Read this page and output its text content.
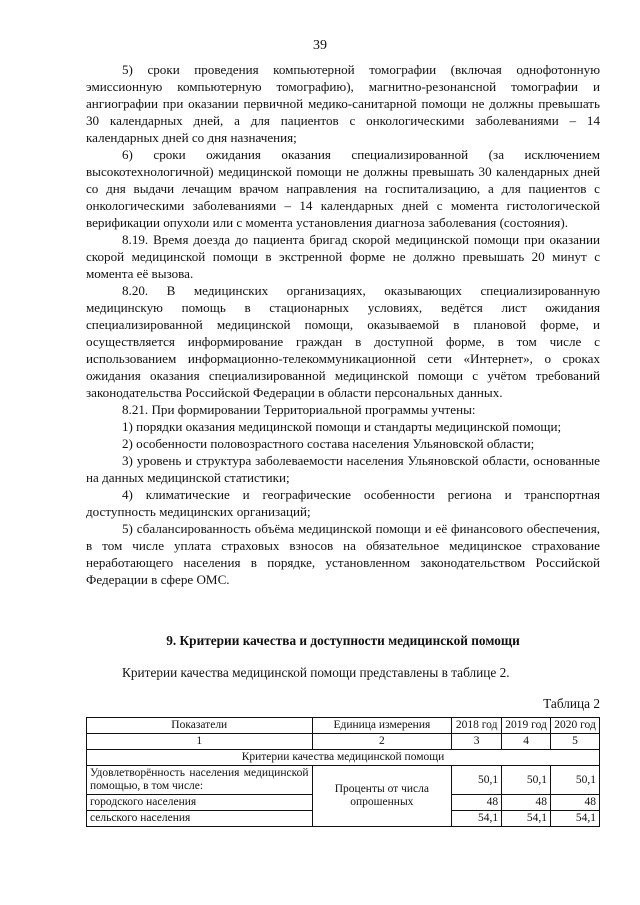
39

5) сроки проведения компьютерной томографии (включая однофотонную эмиссионную компьютерную томографию), магнитно-резонансной томографии и ангиографии при оказании первичной медико-санитарной помощи не должны превышать 30 календарных дней, а для пациентов с онкологическими заболеваниями – 14 календарных дней со дня назначения;

6) сроки ожидания оказания специализированной (за исключением высокотехнологичной) медицинской помощи не должны превышать 30 календарных дней со дня выдачи лечащим врачом направления на госпитализацию, а для пациентов с онкологическими заболеваниями – 14 календарных дней с момента гистологической верификации опухоли или с момента установления диагноза заболевания (состояния).

8.19. Время доезда до пациента бригад скорой медицинской помощи при оказании скорой медицинской помощи в экстренной форме не должно превышать 20 минут с момента её вызова.

8.20. В медицинских организациях, оказывающих специализированную медицинскую помощь в стационарных условиях, ведётся лист ожидания специализированной медицинской помощи, оказываемой в плановой форме, и осуществляется информирование граждан в доступной форме, в том числе с использованием информационно-телекоммуникационной сети «Интернет», о сроках ожидания оказания специализированной медицинской помощи с учётом требований законодательства Российской Федерации в области персональных данных.

8.21. При формировании Территориальной программы учтены:

1) порядки оказания медицинской помощи и стандарты медицинской помощи;

2) особенности половозрастного состава населения Ульяновской области;

3) уровень и структура заболеваемости населения Ульяновской области, основанные на данных медицинской статистики;

4) климатические и географические особенности региона и транспортная доступность медицинских организаций;

5) сбалансированность объёма медицинской помощи и её финансового обеспечения, в том числе уплата страховых взносов на обязательное медицинское страхование неработающего населения в порядке, установленном законодательством Российской Федерации в сфере ОМС.

9. Критерии качества и доступности медицинской помощи
Критерии качества медицинской помощи представлены в таблице 2.
Таблица 2
Показатели	Единица измерения	2018 год	2019 год	2020 год
1	2	3	4	5
Критерии качества медицинской помощи				
Удовлетворённость населения медицинской помощью, в том числе:	Проценты от числа опрошенных	50,1	50,1	50,1
городского населения		48	48	48
сельского населения		54,1	54,1	54,1
